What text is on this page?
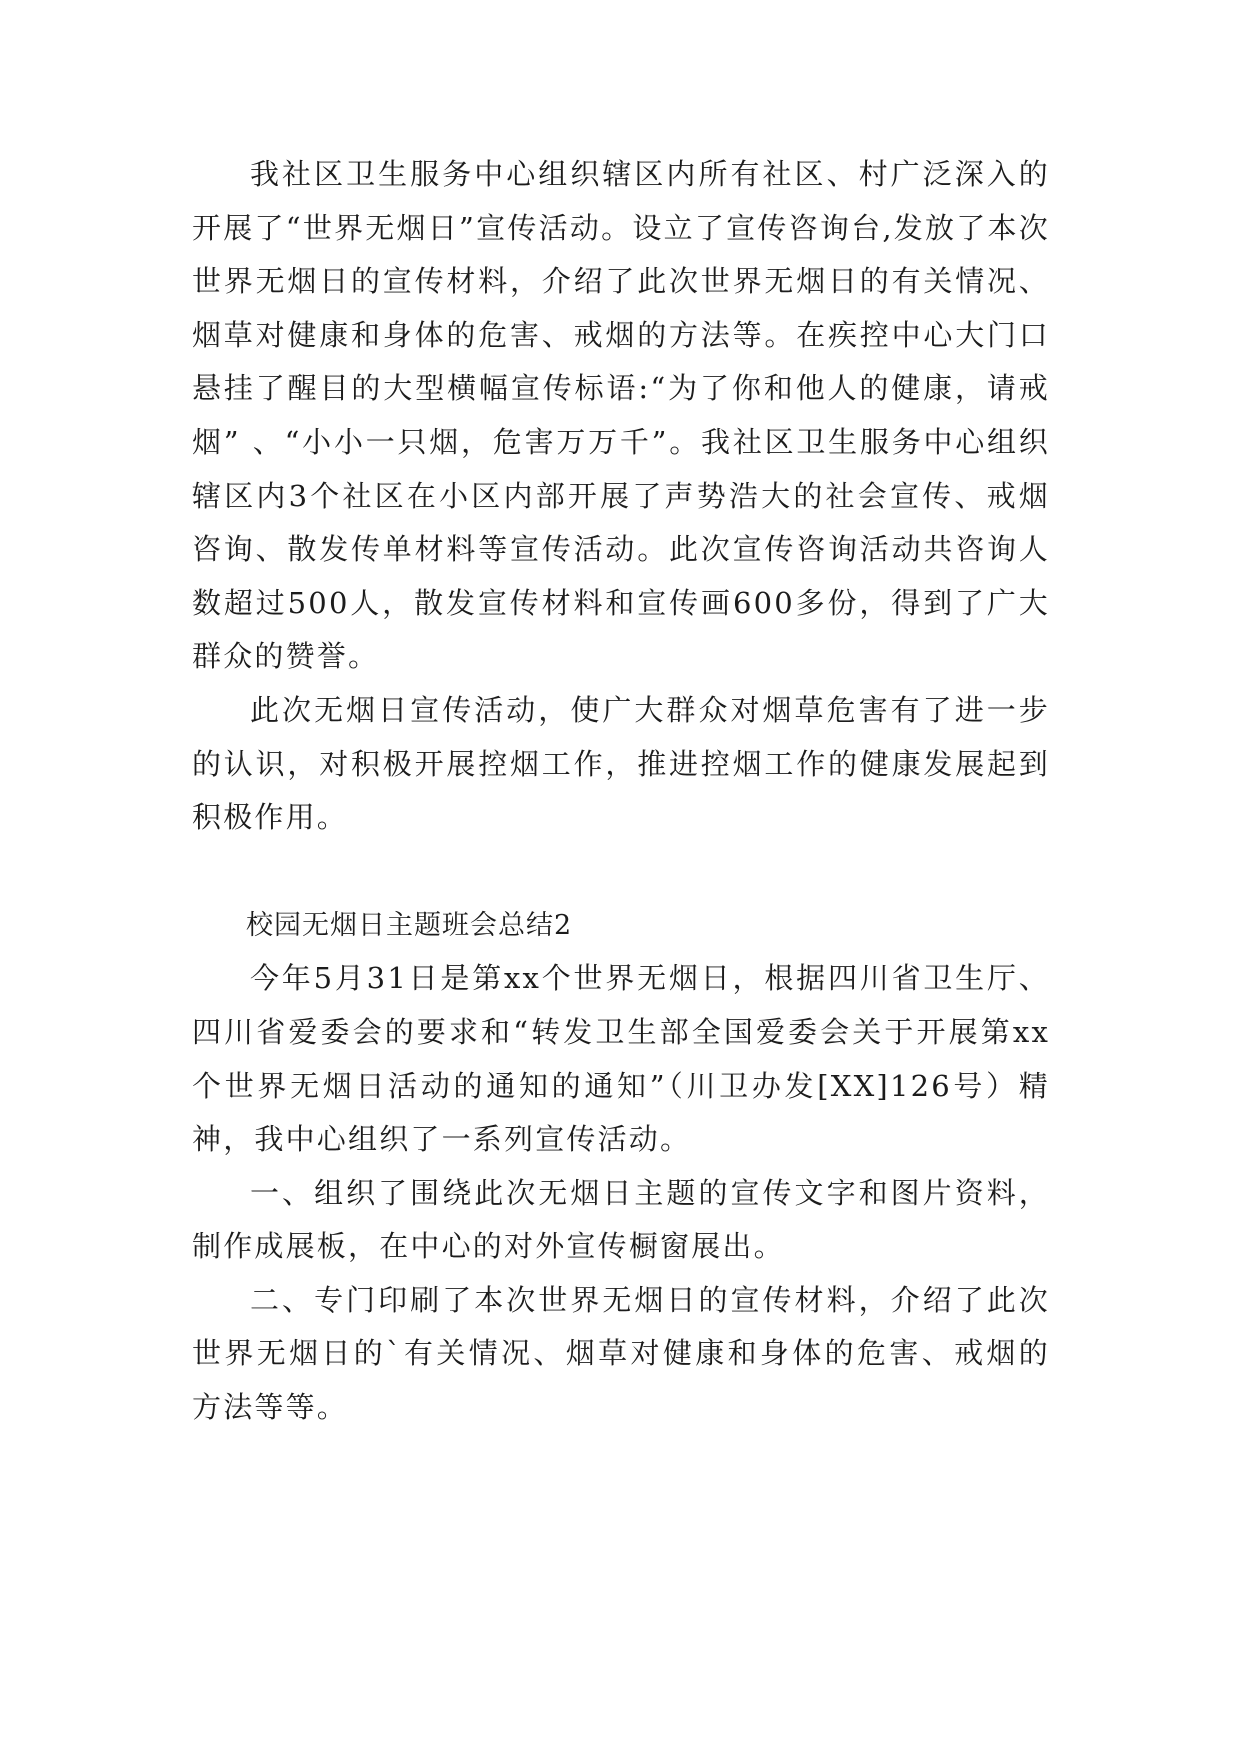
我社区卫生服务中心组织辖区内所有社区、村广泛深入的开展了“世界无烟日”宣传活动。设立了宣传咨询台,发放了本次世界无烟日的宣传材料，介绍了此次世界无烟日的有关情况、烟草对健康和身体的危害、戒烟的方法等。在疾控中心大门口悬挂了醒目的大型横幅宣传标语:“为了你和他人的健康，请戒烟” 、“小小一只烟，危害万万千”。我社区卫生服务中心组织辖区内3个社区在小区内部开展了声势浩大的社会宣传、戒烟咨询、散发传单材料等宣传活动。此次宣传咨询活动共咨询人数超过500人，散发宣传材料和宣传画600多份，得到了广大群众的赞誉。

此次无烟日宣传活动，使广大群众对烟草危害有了进一步的认识，对积极开展控烟工作，推进控烟工作的健康发展起到积极作用。

校园无烟日主题班会总结2

今年5月31日是第xx个世界无烟日，根据四川省卫生厅、四川省爱委会的要求和“转发卫生部全国爱委会关于开展第xx个世界无烟日活动的通知的通知”（川卫办发[XX]126号）精神，我中心组织了一系列宣传活动。

一、组织了围绕此次无烟日主题的宣传文字和图片资料，制作成展板，在中心的对外宣传橱窗展出。

二、专门印刷了本次世界无烟日的宣传材料，介绍了此次世界无烟日的`有关情况、烟草对健康和身体的危害、戒烟的方法等等。
